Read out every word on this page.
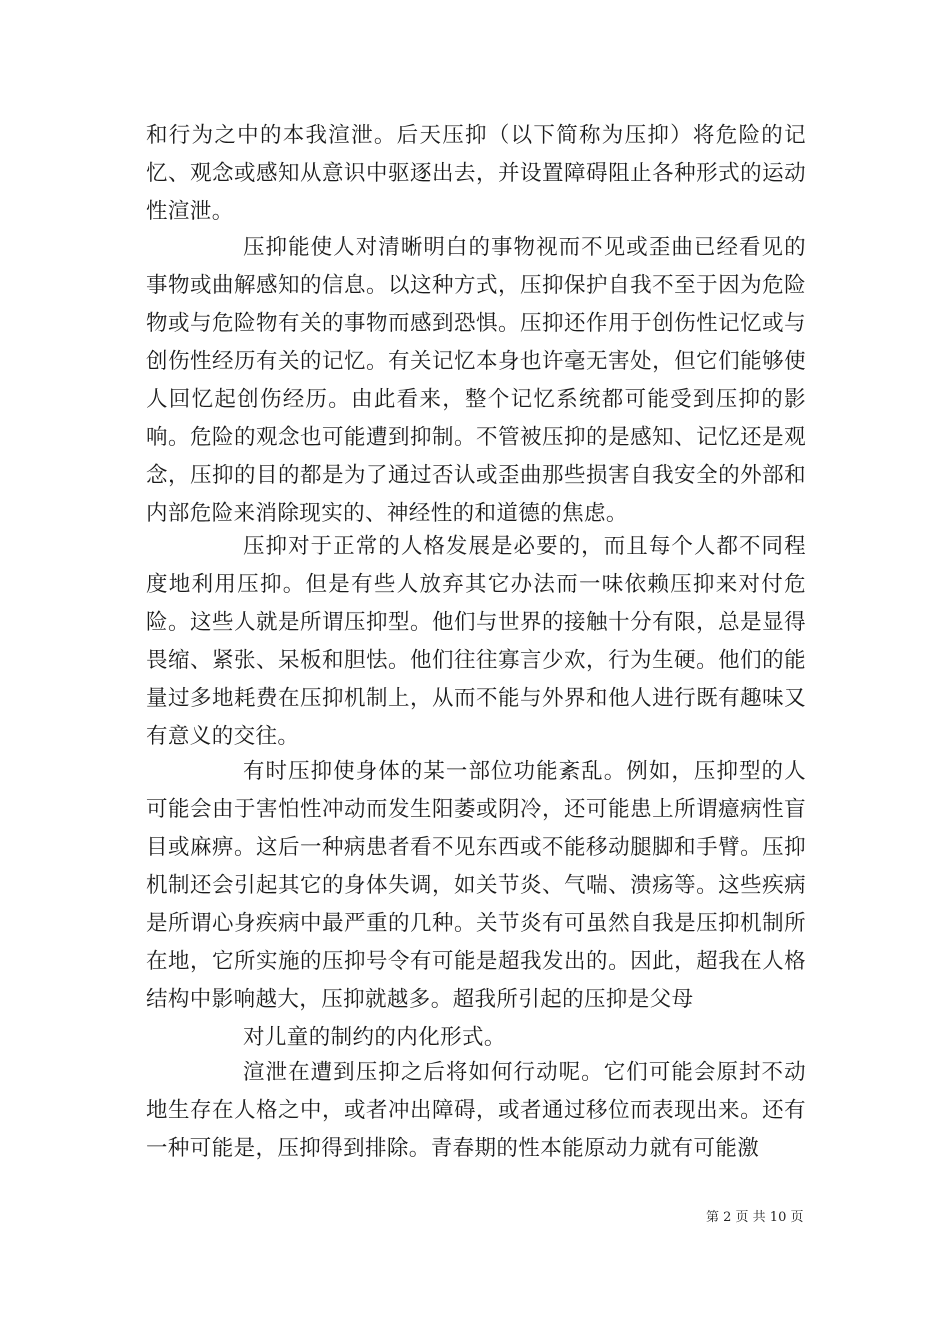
和行为之中的本我渲泄。后天压抑（以下简称为压抑）将危险的记忆、观念或感知从意识中驱逐出去，并设置障碍阻止各种形式的运动性渲泄。

压抑能使人对清晰明白的事物视而不见或歪曲已经看见的事物或曲解感知的信息。以这种方式，压抑保护自我不至于因为危险物或与危险物有关的事物而感到恐惧。压抑还作用于创伤性记忆或与创伤性经历有关的记忆。有关记忆本身也许毫无害处，但它们能够使人回忆起创伤经历。由此看来，整个记忆系统都可能受到压抑的影响。危险的观念也可能遭到抑制。不管被压抑的是感知、记忆还是观念，压抑的目的都是为了通过否认或歪曲那些损害自我安全的外部和内部危险来消除现实的、神经性的和道德的焦虑。

压抑对于正常的人格发展是必要的，而且每个人都不同程度地利用压抑。但是有些人放弃其它办法而一味依赖压抑来对付危险。这些人就是所谓压抑型。他们与世界的接触十分有限，总是显得畏缩、紧张、呆板和胆怯。他们往往寡言少欢，行为生硬。他们的能量过多地耗费在压抑机制上，从而不能与外界和他人进行既有趣味又有意义的交往。

有时压抑使身体的某一部位功能紊乱。例如，压抑型的人可能会由于害怕性冲动而发生阳萎或阴冷，还可能患上所谓癔病性盲目或麻痹。这后一种病患者看不见东西或不能移动腿脚和手臂。压抑机制还会引起其它的身体失调，如关节炎、气喘、溃疡等。这些疾病是所谓心身疾病中最严重的几种。关节炎有可虽然自我是压抑机制所在地，它所实施的压抑号令有可能是超我发出的。因此，超我在人格结构中影响越大，压抑就越多。超我所引起的压抑是父母

对儿童的制约的内化形式。

渲泄在遭到压抑之后将如何行动呢。它们可能会原封不动地生存在人格之中，或者冲出障碍，或者通过移位而表现出来。还有一种可能是，压抑得到排除。青春期的性本能原动力就有可能激

第 2 页 共 10 页
